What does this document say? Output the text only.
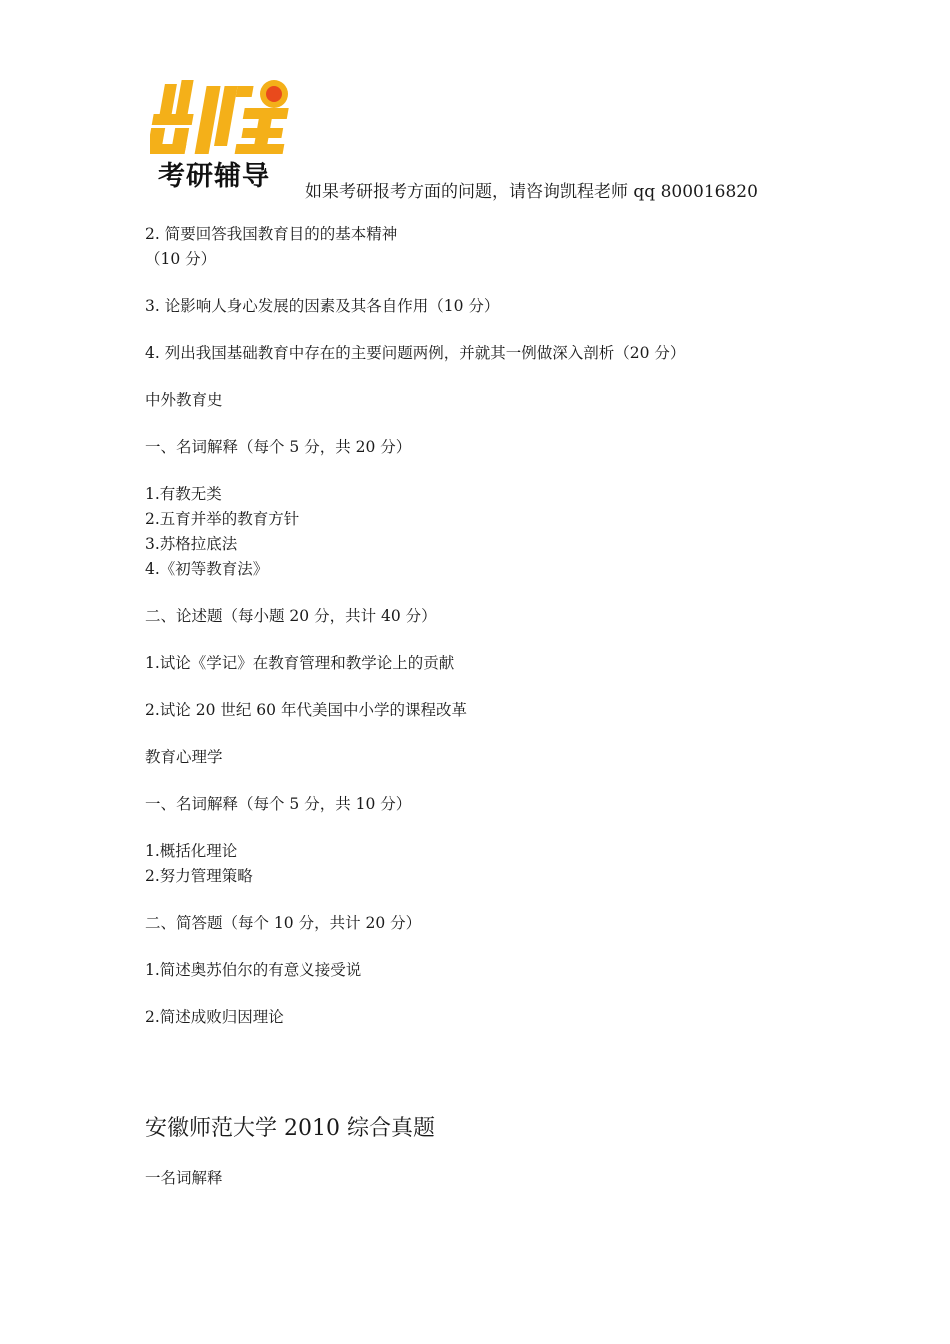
考研辅导 如果考研报考方面的问题，请咨询凯程老师 qq 800016820
2. 简要回答我国教育目的的基本精神
（10 分）
3. 论影响人身心发展的因素及其各自作用（10 分）
4. 列出我国基础教育中存在的主要问题两例，并就其一例做深入剖析（20 分）
中外教育史
一、名词解释（每个 5 分，共 20 分）
1.有教无类
2.五育并举的教育方针
3.苏格拉底法
4.《初等教育法》
二、论述题（每小题 20 分，共计 40 分）
1.试论《学记》在教育管理和教学论上的贡献
2.试论 20 世纪 60 年代美国中小学的课程改革
教育心理学
一、名词解释（每个 5 分，共 10 分）
1.概括化理论
2.努力管理策略
二、简答题（每个 10 分，共计 20 分）
1.简述奥苏伯尔的有意义接受说
2.简述成败归因理论
安徽师范大学 2010 综合真题
一名词解释
